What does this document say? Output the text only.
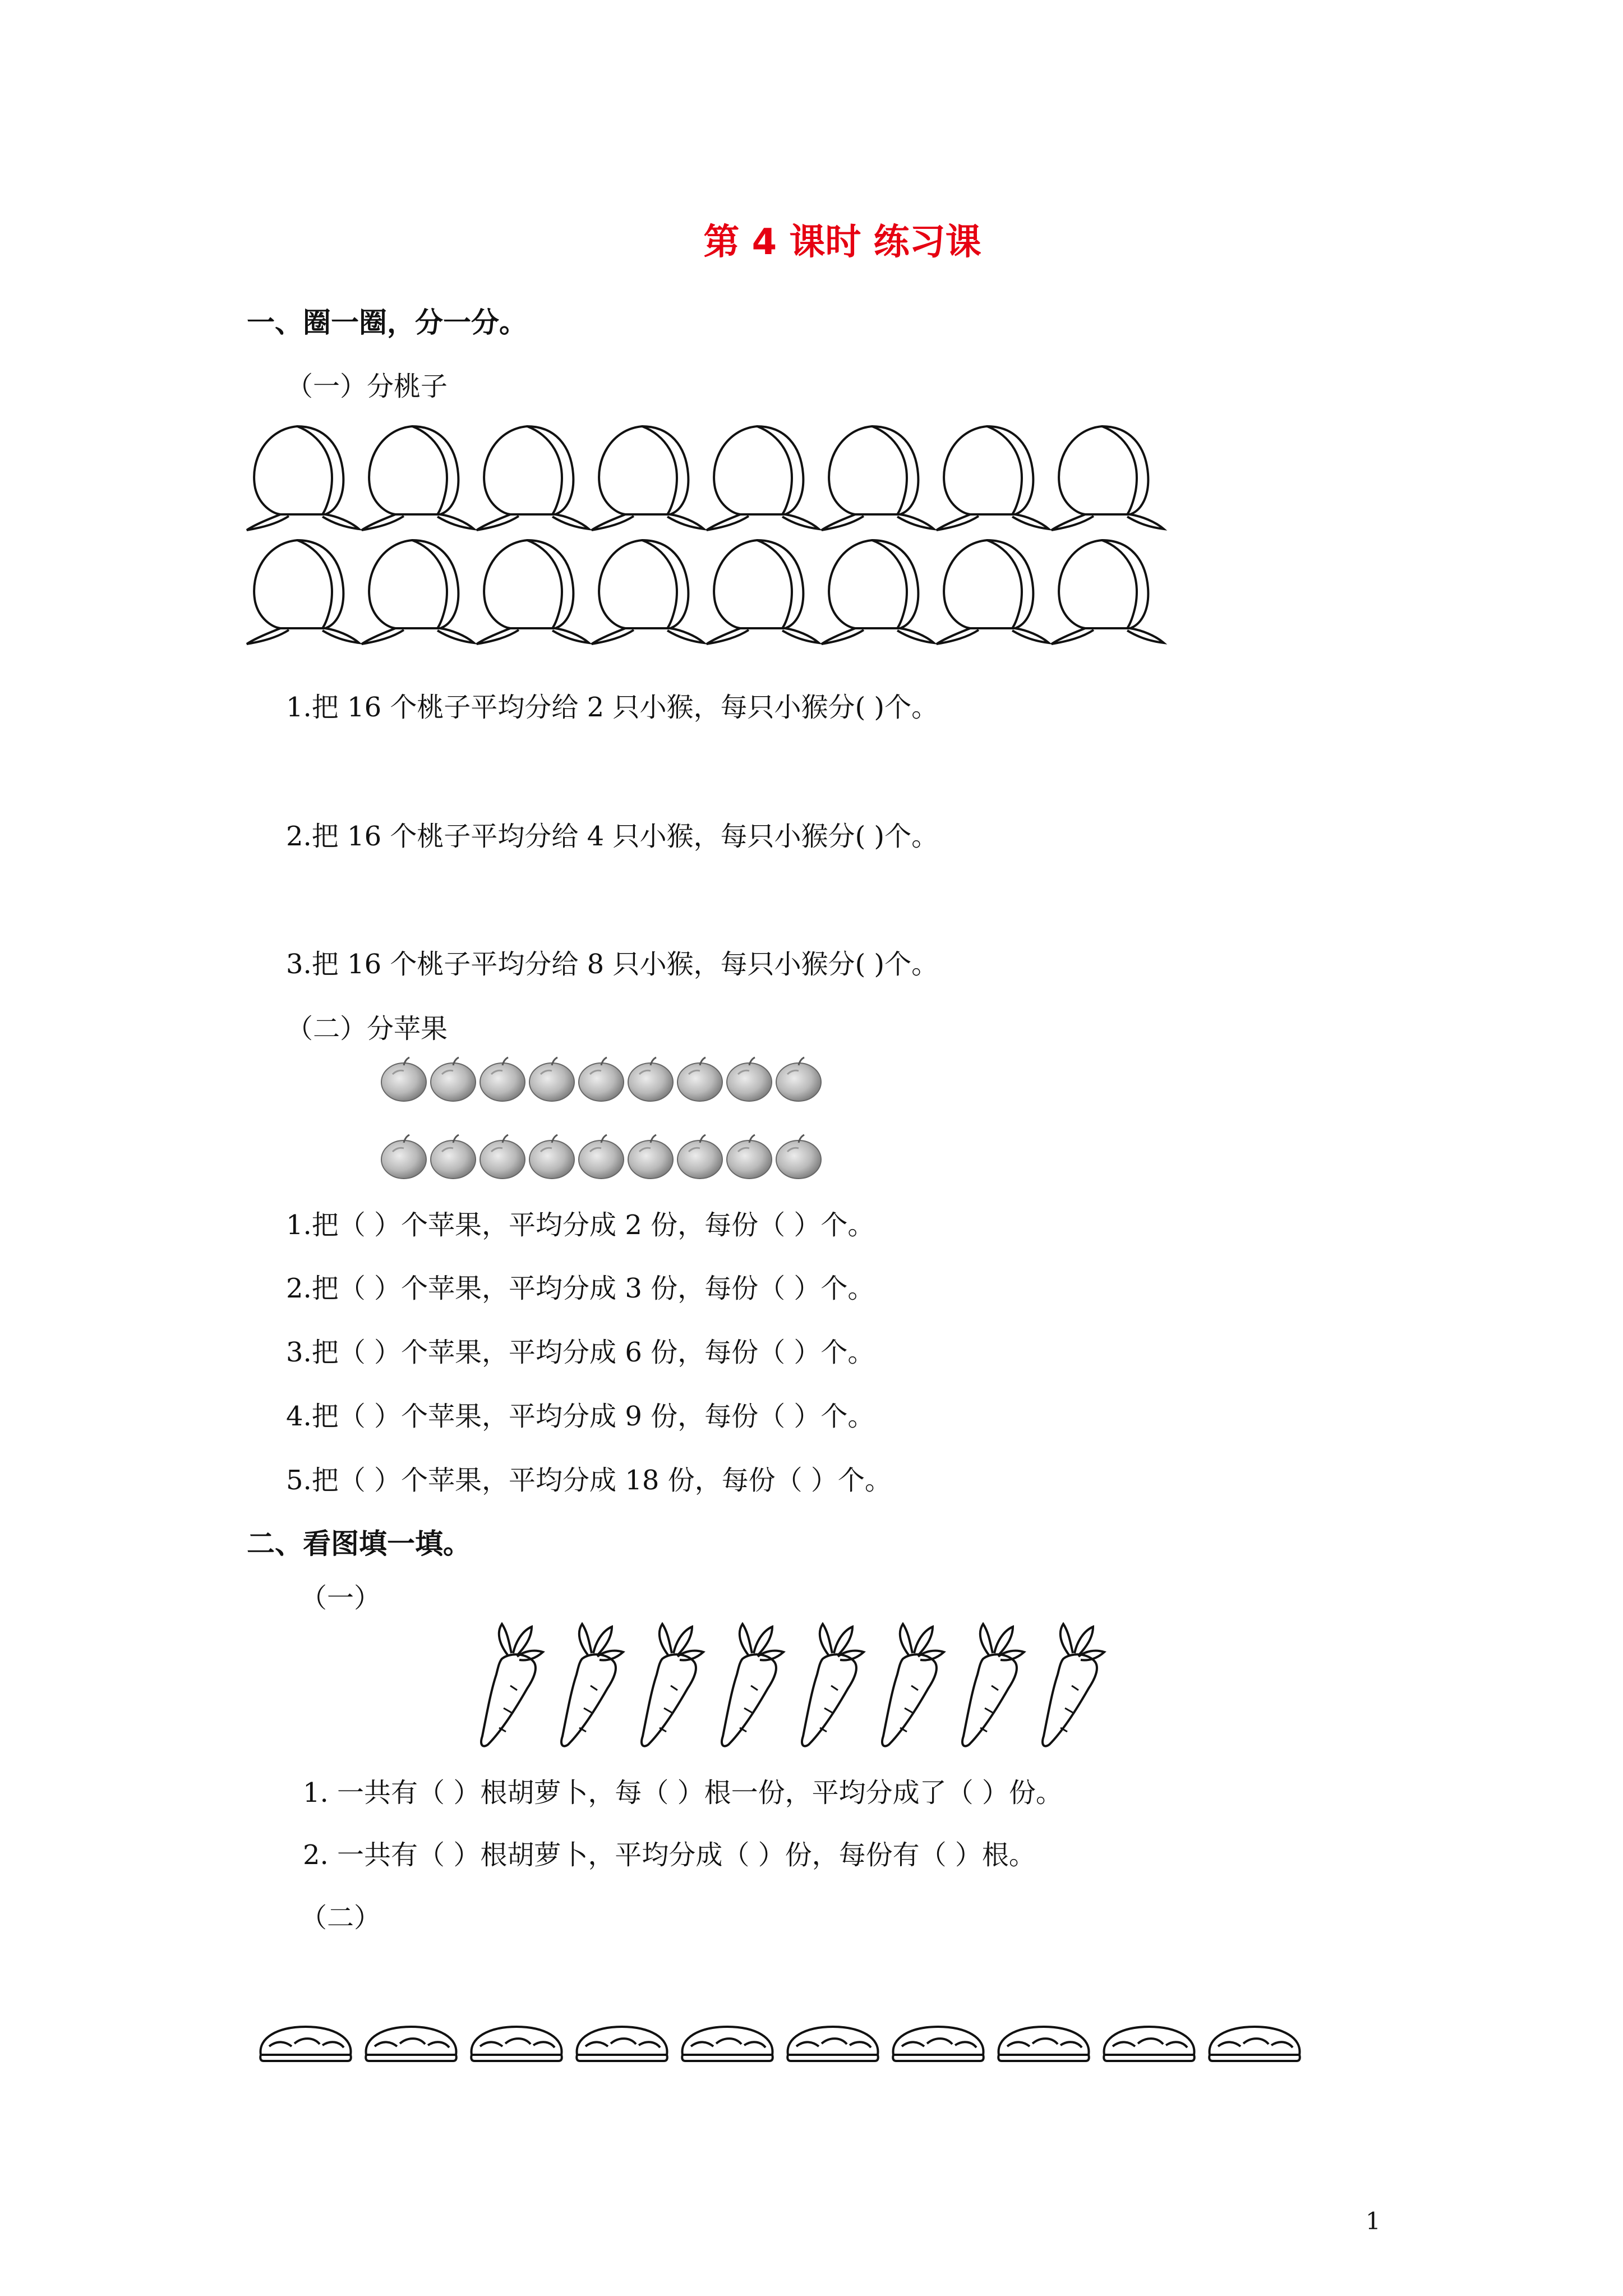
第 4 课时 练习课
一、圈一圈，分一分。
（一）分桃子
1.把 16 个桃子平均分给 2 只小猴，每只小猴分( )个。
2.把 16 个桃子平均分给 4 只小猴，每只小猴分( )个。
3.把 16 个桃子平均分给 8 只小猴，每只小猴分( )个。
（二）分苹果
1.把（ ）个苹果，平均分成 2 份，每份（ ）个。
2.把（ ）个苹果，平均分成 3 份，每份（ ）个。
3.把（ ）个苹果，平均分成 6 份，每份（ ）个。
4.把（ ）个苹果，平均分成 9 份，每份（ ）个。
5.把（ ）个苹果，平均分成 18 份，每份（ ）个。
二、看图填一填。
（一）
1. 一共有（ ）根胡萝卜，每（ ）根一份，平均分成了（ ）份。
2. 一共有（ ）根胡萝卜，平均分成（ ）份，每份有（ ）根。
（二）
1
